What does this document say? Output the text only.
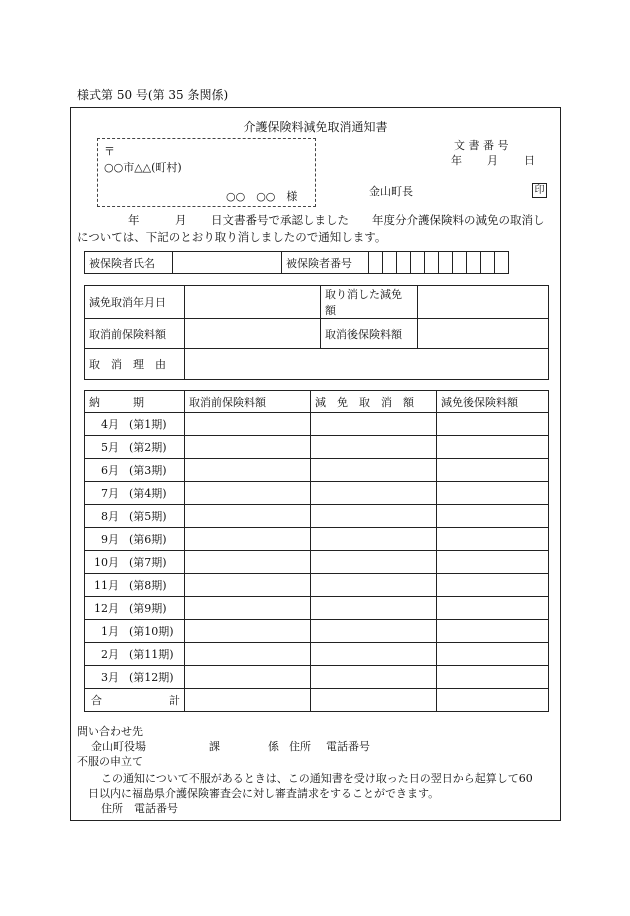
様式第 50 号(第 35 条関係)
介護保険料減免取消通知書
〒
○○市△△(町村)
○○　○○　様
文 書 番 号
年 月 日
金山町長	印
年	月 日文書番号で承認しました　　年度分介護保険料の減免の取消し
については、下記のとおり取り消しましたので通知します。
被保険者氏名		被保険者番号										
減免取消年月日		取り消した減免
額	

取消前保険料額		取消後保険料額	
取　消　理　由			
納　　　期	取消前保険料額	減　免　取　消　額	減免後保険料額

4月 (第1期)			

5月 (第2期)			

6月 (第3期)			

7月 (第4期)			

8月 (第5期)			

9月 (第6期)			

10月 (第7期)			

11月 (第8期)			

12月 (第9期)			

1月 (第10期)			

2月 (第11期)			

3月 (第12期)			

合 計			

問い合わせ先
金山町役場	課	係 住所 電話番号
不服の申立て
この通知について不服があるときは、この通知書を受け取った日の翌日から起算して60
日以内に福島県介護保険審査会に対し審査請求をすることができます。
住所 電話番号
